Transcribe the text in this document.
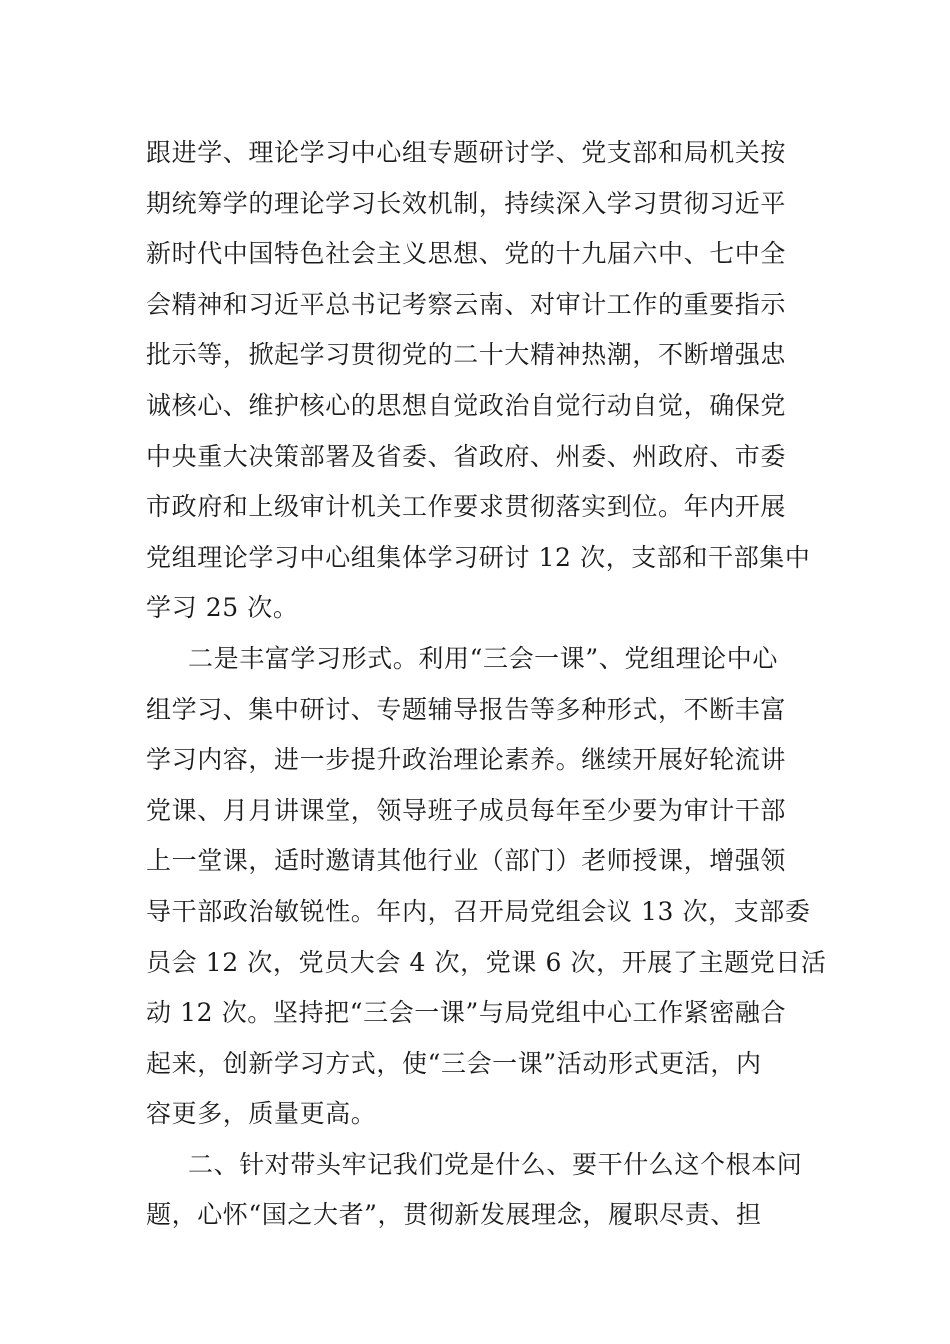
跟进学、理论学习中心组专题研讨学、党支部和局机关按
期统筹学的理论学习长效机制，持续深入学习贯彻习近平
新时代中国特色社会主义思想、党的十九届六中、七中全
会精神和习近平总书记考察云南、对审计工作的重要指示
批示等，掀起学习贯彻党的二十大精神热潮，不断增强忠
诚核心、维护核心的思想自觉政治自觉行动自觉，确保党
中央重大决策部署及省委、省政府、州委、州政府、市委
市政府和上级审计机关工作要求贯彻落实到位。年内开展
党组理论学习中心组集体学习研讨 12 次，支部和干部集中
学习 25 次。
二是丰富学习形式。利用“三会一课”、党组理论中心
组学习、集中研讨、专题辅导报告等多种形式，不断丰富
学习内容，进一步提升政治理论素养。继续开展好轮流讲
党课、月月讲课堂，领导班子成员每年至少要为审计干部
上一堂课，适时邀请其他行业（部门）老师授课，增强领
导干部政治敏锐性。年内，召开局党组会议 13 次，支部委
员会 12 次，党员大会 4 次，党课 6 次，开展了主题党日活
动 12 次。坚持把“三会一课”与局党组中心工作紧密融合
起来，创新学习方式，使“三会一课”活动形式更活，内
容更多，质量更高。
二、针对带头牢记我们党是什么、要干什么这个根本问
题，心怀“国之大者”，贯彻新发展理念，履职尽责、担
